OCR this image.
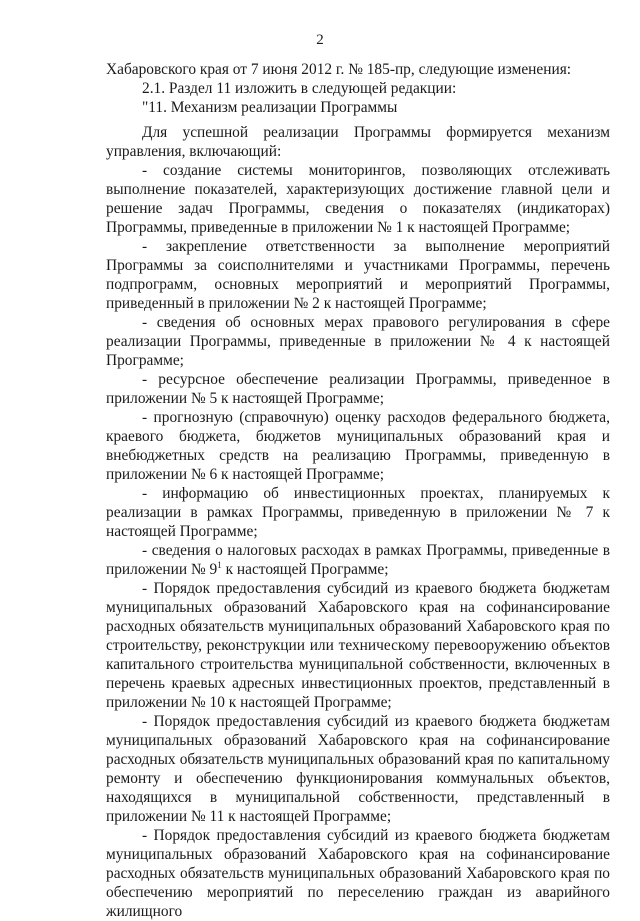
2

Хабаровского края от 7 июня 2012 г. № 185-пр, следующие изменения:

2.1. Раздел 11 изложить в следующей редакции:

"11. Механизм реализации Программы

Для успешной реализации Программы формируется механизм управления, включающий:

- создание системы мониторингов, позволяющих отслеживать выполнение показателей, характеризующих достижение главной цели и решение задач Программы, сведения о показателях (индикаторах) Программы, приведенные в приложении № 1 к настоящей Программе;

- закрепление ответственности за выполнение мероприятий Программы за соисполнителями и участниками Программы, перечень подпрограмм, основных мероприятий и мероприятий Программы, приведенный в приложении № 2 к настоящей Программе;

- сведения об основных мерах правового регулирования в сфере реализации Программы, приведенные в приложении № 4 к настоящей Программе;

- ресурсное обеспечение реализации Программы, приведенное в приложении № 5 к настоящей Программе;

- прогнозную (справочную) оценку расходов федерального бюджета, краевого бюджета, бюджетов муниципальных образований края и внебюджетных средств на реализацию Программы, приведенную в приложении № 6 к настоящей Программе;

- информацию об инвестиционных проектах, планируемых к реализации в рамках Программы, приведенную в приложении № 7 к настоящей Программе;

- сведения о налоговых расходах в рамках Программы, приведенные в приложении № $9^1$ к настоящей Программе;

- Порядок предоставления субсидий из краевого бюджета бюджетам муниципальных образований Хабаровского края на софинансирование расходных обязательств муниципальных образований Хабаровского края по строительству, реконструкции или техническому перевооружению объектов капитального строительства муниципальной собственности, включенных в перечень краевых адресных инвестиционных проектов, представленный в приложении № 10 к настоящей Программе;

- Порядок предоставления субсидий из краевого бюджета бюджетам муниципальных образований Хабаровского края на софинансирование расходных обязательств муниципальных образований края по капитальному ремонту и обеспечению функционирования коммунальных объектов, находящихся в муниципальной собственности, представленный в приложении № 11 к настоящей Программе;

- Порядок предоставления субсидий из краевого бюджета бюджетам муниципальных образований Хабаровского края на софинансирование расходных обязательств муниципальных образований Хабаровского края по обеспечению мероприятий по переселению граждан из аварийного жилищного
